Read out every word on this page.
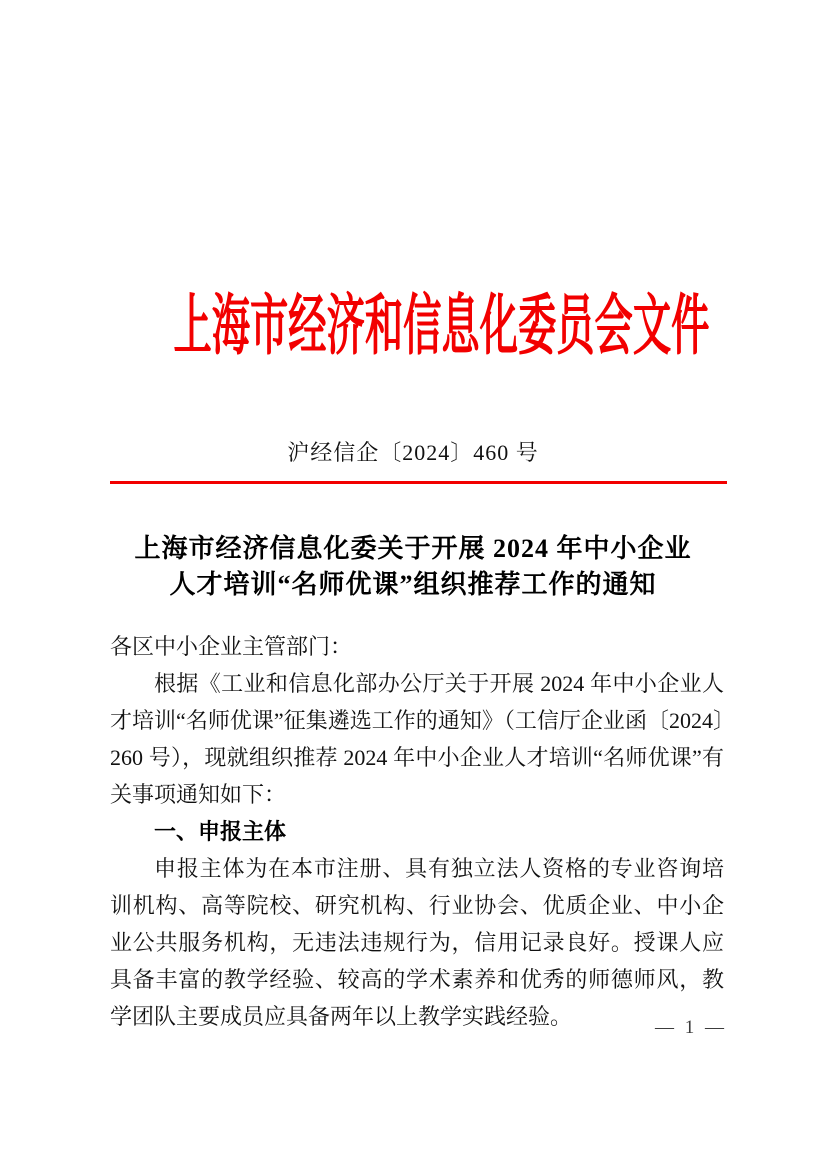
上海市经济和信息化委员会文件
沪经信企〔2024〕460 号
上海市经济信息化委关于开展 2024 年中小企业
人才培训“名师优课”组织推荐工作的通知

各区中小企业主管部门：

根据《工业和信息化部办公厅关于开展 2024 年中小企业人才培训“名师优课”征集遴选工作的通知》（工信厅企业函〔2024〕260 号），现就组织推荐 2024 年中小企业人才培训“名师优课”有关事项通知如下：

一、申报主体

申报主体为在本市注册、具有独立法人资格的专业咨询培训机构、高等院校、研究机构、行业协会、优质企业、中小企业公共服务机构，无违法违规行为，信用记录良好。授课人应具备丰富的教学经验、较高的学术素养和优秀的师德师风，教学团队主要成员应具备两年以上教学实践经验。	— 1 —
